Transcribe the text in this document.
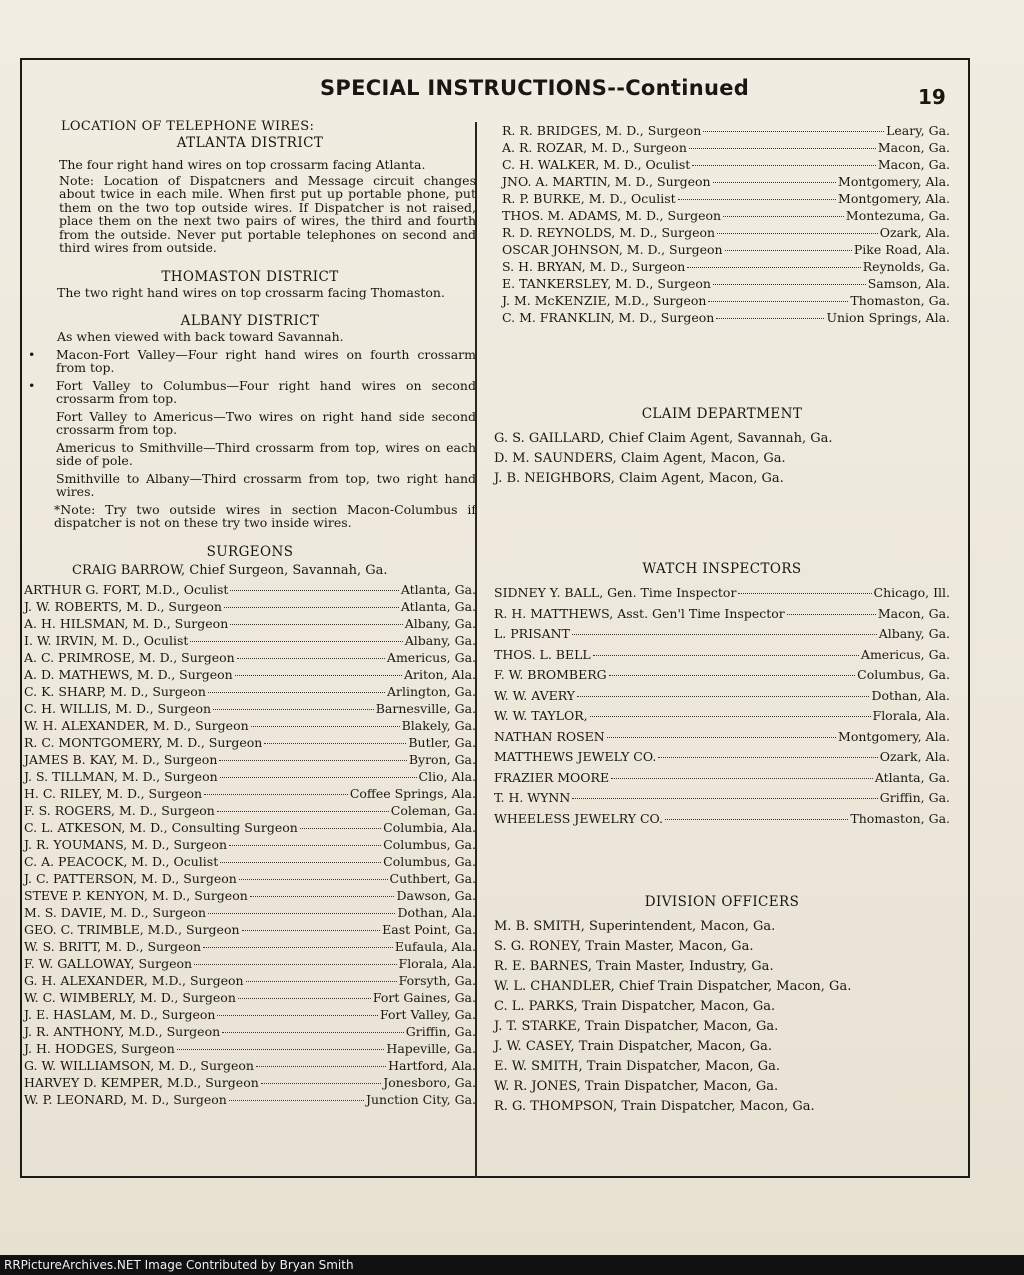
SPECIAL INSTRUCTIONS--Continued	19
LOCATION OF TELEPHONE WIRES:
ATLANTA DISTRICT
The four right hand wires on top crossarm facing Atlanta.
Note: Location of Dispatcners and Message circuit changes about twice in each mile. When first put up portable phone, put them on the two top outside wires. If Dispatcher is not raised, place them on the next two pairs of wires, the third and fourth from the outside. Never put portable telephones on second and third wires from outside.
THOMASTON DISTRICT
The two right hand wires on top crossarm facing Thomaston.
ALBANY DISTRICT
As when viewed with back toward Savannah.
• Macon-Fort Valley—Four right hand wires on fourth crossarm from top.
• Fort Valley to Columbus—Four right hand wires on second crossarm from top.
Fort Valley to Americus—Two wires on right hand side second crossarm from top.
Americus to Smithville—Third crossarm from top, wires on each side of pole.
Smithville to Albany—Third crossarm from top, two right hand wires.
*Note: Try two outside wires in section Macon-Columbus if dispatcher is not on these try two inside wires.
SURGEONS
CRAIG BARROW, Chief Surgeon, Savannah, Ga.
ARTHUR G. FORT, M.D., Oculist	Atlanta, Ga.
J. W. ROBERTS, M. D., Surgeon	Atlanta, Ga.
A. H. HILSMAN, M. D., Surgeon	Albany, Ga.
I. W. IRVIN, M. D., Oculist	Albany, Ga.
A. C. PRIMROSE, M. D., Surgeon	Americus, Ga.
A. D. MATHEWS, M. D., Surgeon	Ariton, Ala.
C. K. SHARP, M. D., Surgeon	Arlington, Ga.
C. H. WILLIS, M. D., Surgeon	Barnesville, Ga.
W. H. ALEXANDER, M. D., Surgeon	Blakely, Ga.
R. C. MONTGOMERY, M. D., Surgeon	Butler, Ga.
JAMES B. KAY, M. D., Surgeon	Byron, Ga.
J. S. TILLMAN, M. D., Surgeon	Clio, Ala.
H. C. RILEY, M. D., Surgeon	Coffee Springs, Ala.
F. S. ROGERS, M. D., Surgeon	Coleman, Ga.
C. L. ATKESON, M. D., Consulting Surgeon	Columbia, Ala.
J. R. YOUMANS, M. D., Surgeon	Columbus, Ga.
C. A. PEACOCK, M. D., Oculist	Columbus, Ga.
J. C. PATTERSON, M. D., Surgeon	Cuthbert, Ga.
STEVE P. KENYON, M. D., Surgeon	Dawson, Ga.
M. S. DAVIE, M. D., Surgeon	Dothan, Ala.
GEO. C. TRIMBLE, M.D., Surgeon	East Point, Ga.
W. S. BRITT, M. D., Surgeon	Eufaula, Ala.
F. W. GALLOWAY, Surgeon	Florala, Ala.
G. H. ALEXANDER, M.D., Surgeon	Forsyth, Ga.
W. C. WIMBERLY, M. D., Surgeon	Fort Gaines, Ga.
J. E. HASLAM, M. D., Surgeon	Fort Valley, Ga.
J. R. ANTHONY, M.D., Surgeon	Griffin, Ga.
J. H. HODGES, Surgeon	Hapeville, Ga.
G. W. WILLIAMSON, M. D., Surgeon	Hartford, Ala.
HARVEY D. KEMPER, M.D., Surgeon	Jonesboro, Ga.
W. P. LEONARD, M. D., Surgeon	Junction City, Ga.
R. R. BRIDGES, M. D., Surgeon	Leary, Ga.
A. R. ROZAR, M. D., Surgeon	Macon, Ga.
C. H. WALKER, M. D., Oculist	Macon, Ga.
JNO. A. MARTIN, M. D., Surgeon	Montgomery, Ala.
R. P. BURKE, M. D., Oculist	Montgomery, Ala.
THOS. M. ADAMS, M. D., Surgeon	Montezuma, Ga.
R. D. REYNOLDS, M. D., Surgeon	Ozark, Ala.
OSCAR JOHNSON, M. D., Surgeon	Pike Road, Ala.
S. H. BRYAN, M. D., Surgeon	Reynolds, Ga.
E. TANKERSLEY, M. D., Surgeon	Samson, Ala.
J. M. McKENZIE, M.D., Surgeon	Thomaston, Ga.
C. M. FRANKLIN, M. D., Surgeon	Union Springs, Ala.
CLAIM DEPARTMENT
G. S. GAILLARD, Chief Claim Agent, Savannah, Ga.
D. M. SAUNDERS, Claim Agent, Macon, Ga.
J. B. NEIGHBORS, Claim Agent, Macon, Ga.
WATCH INSPECTORS
SIDNEY Y. BALL, Gen. Time Inspector	Chicago, Ill.
R. H. MATTHEWS, Asst. Gen'l Time Inspector	Macon, Ga.
L. PRISANT	Albany, Ga.
THOS. L. BELL	Americus, Ga.
F. W. BROMBERG	Columbus, Ga.
W. W. AVERY	Dothan, Ala.
W. W. TAYLOR,	Florala, Ala.
NATHAN ROSEN	Montgomery, Ala.
MATTHEWS JEWELY CO.	Ozark, Ala.
FRAZIER MOORE	Atlanta, Ga.
T. H. WYNN	Griffin, Ga.
WHEELESS JEWELRY CO.	Thomaston, Ga.
DIVISION OFFICERS
M. B. SMITH, Superintendent, Macon, Ga.
S. G. RONEY, Train Master, Macon, Ga.
R. E. BARNES, Train Master, Industry, Ga.
W. L. CHANDLER, Chief Train Dispatcher, Macon, Ga.
C. L. PARKS, Train Dispatcher, Macon, Ga.
J. T. STARKE, Train Dispatcher, Macon, Ga.
J. W. CASEY, Train Dispatcher, Macon, Ga.
E. W. SMITH, Train Dispatcher, Macon, Ga.
W. R. JONES, Train Dispatcher, Macon, Ga.
R. G. THOMPSON, Train Dispatcher, Macon, Ga.
RRPictureArchives.NET Image Contributed by Bryan Smith
